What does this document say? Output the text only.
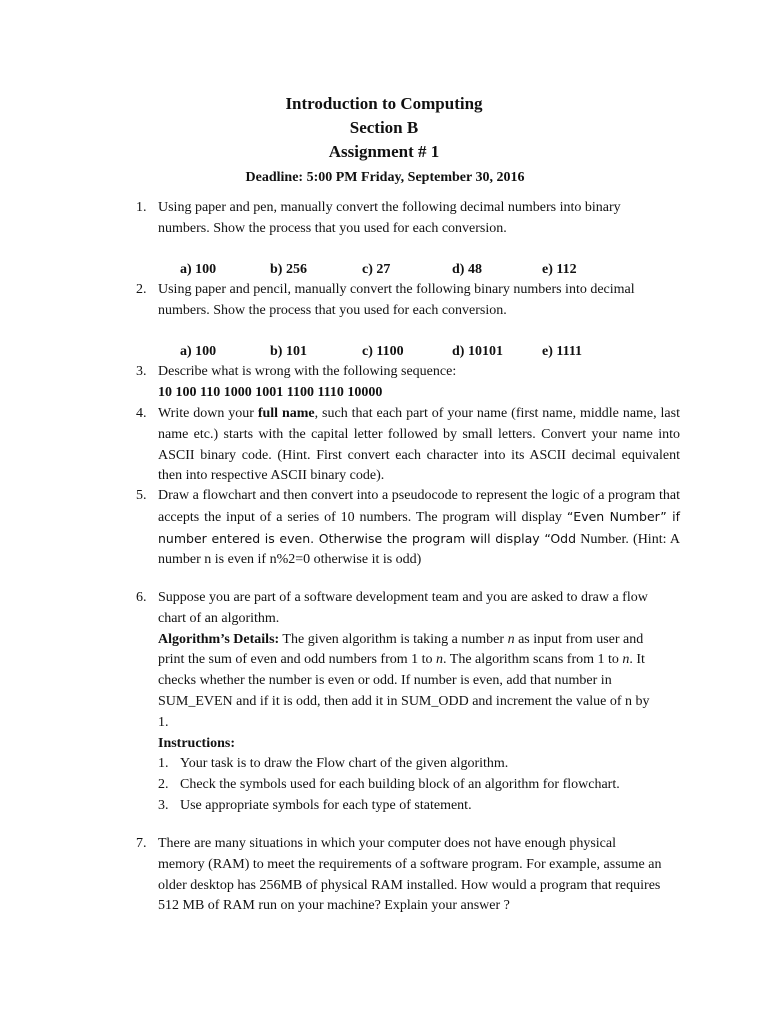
Introduction to Computing
Section B
Assignment # 1
Deadline: 5:00 PM Friday, September 30, 2016
1. Using paper and pen, manually convert the following decimal numbers into binary numbers. Show the process that you used for each conversion.
a) 100	b) 256	c) 27	d) 48	e) 112
2. Using paper and pencil, manually convert the following binary numbers into decimal numbers. Show the process that you used for each conversion.
a) 100	b) 101	c) 1100	d) 10101	e) 1111
3. Describe what is wrong with the following sequence:
10 100 110 1000 1001 1100 1110 10000
4. Write down your full name, such that each part of your name (first name, middle name, last name etc.) starts with the capital letter followed by small letters. Convert your name into ASCII binary code. (Hint. First convert each character into its ASCII decimal equivalent then into respective ASCII binary code).
5. Draw a flowchart and then convert into a pseudocode to represent the logic of a program that accepts the input of a series of 10 numbers. The program will display “Even Number” if number entered is even. Otherwise the program will display “Odd Number. (Hint: A number n is even if n%2=0 otherwise it is odd)
6. Suppose you are part of a software development team and you are asked to draw a flow chart of an algorithm.
Algorithm’s Details: The given algorithm is taking a number n as input from user and print the sum of even and odd numbers from 1 to n. The algorithm scans from 1 to n. It checks whether the number is even or odd. If number is even, add that number in SUM_EVEN and if it is odd, then add it in SUM_ODD and increment the value of n by 1.
Instructions:
1. Your task is to draw the Flow chart of the given algorithm.
2. Check the symbols used for each building block of an algorithm for flowchart.
3. Use appropriate symbols for each type of statement.
7. There are many situations in which your computer does not have enough physical memory (RAM) to meet the requirements of a software program. For example, assume an older desktop has 256MB of physical RAM installed. How would a program that requires 512 MB of RAM run on your machine? Explain your answer ?
